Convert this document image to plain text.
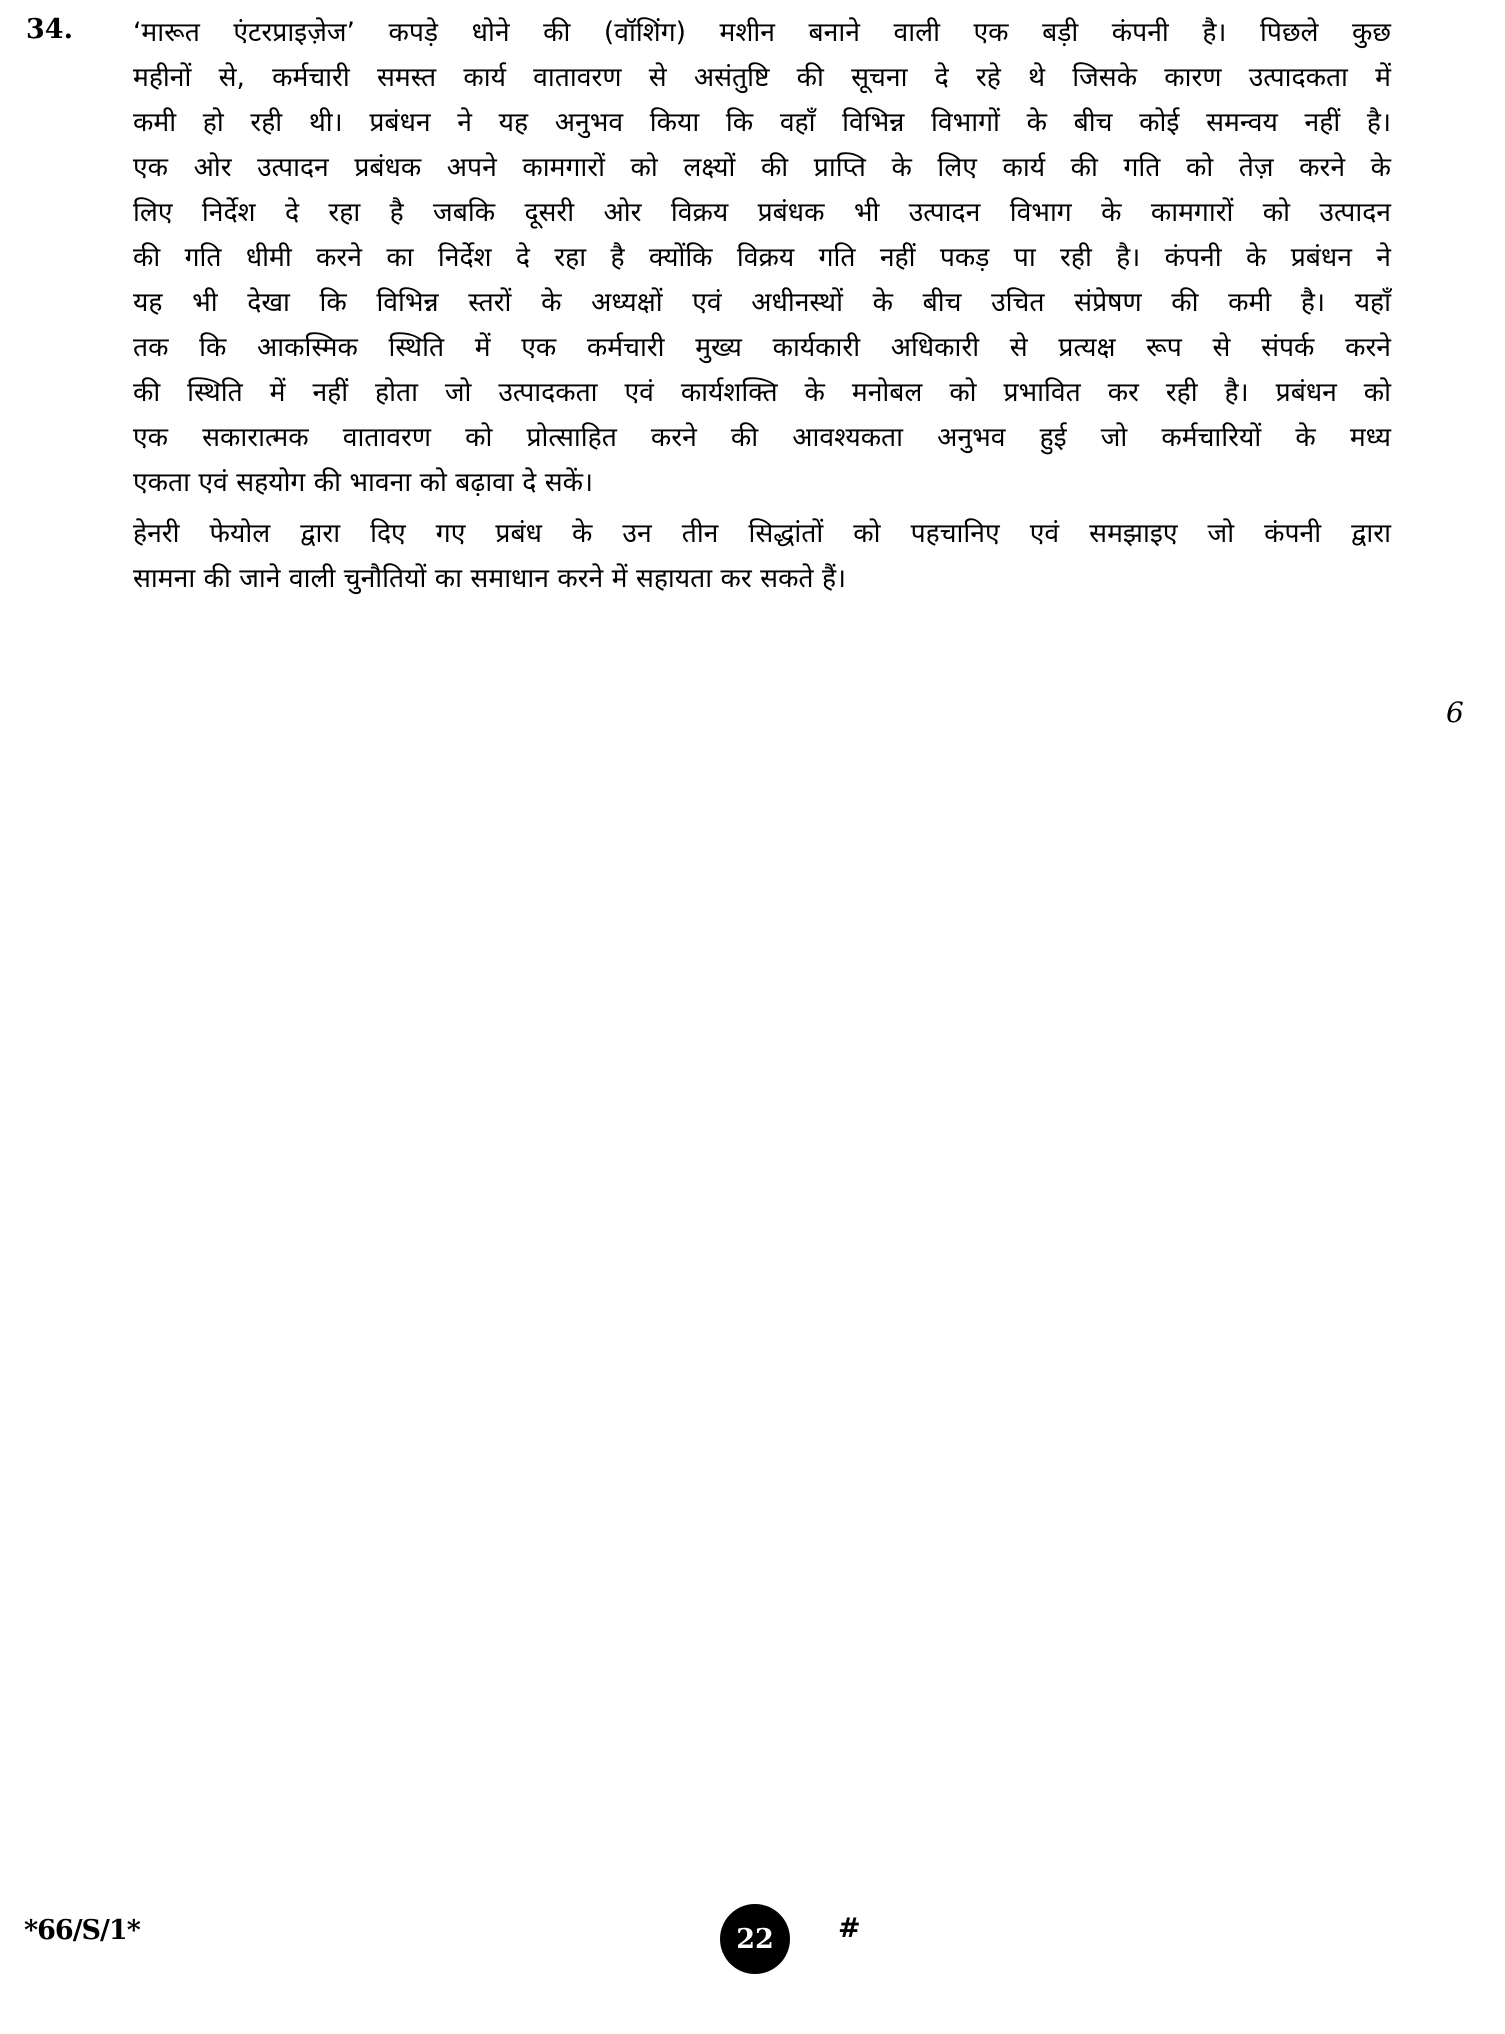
34. ‘मारूत एंटरप्राइज़ेज’ कपड़े धोने की (वॉशिंग) मशीन बनाने वाली एक बड़ी कंपनी है। पिछले कुछ
महीनों से, कर्मचारी समस्त कार्य वातावरण से असंतुष्टि की सूचना दे रहे थे जिसके कारण उत्पादकता में
कमी हो रही थी। प्रबंधन ने यह अनुभव किया कि वहाँ विभिन्न विभागों के बीच कोई समन्वय नहीं है।
एक ओर उत्पादन प्रबंधक अपने कामगारों को लक्ष्यों की प्राप्ति के लिए कार्य की गति को तेज़ करने के
लिए निर्देश दे रहा है जबकि दूसरी ओर विक्रय प्रबंधक भी उत्पादन विभाग के कामगारों को उत्पादन
की गति धीमी करने का निर्देश दे रहा है क्योंकि विक्रय गति नहीं पकड़ पा रही है। कंपनी के प्रबंधन ने
यह भी देखा कि विभिन्न स्तरों के अध्यक्षों एवं अधीनस्थों के बीच उचित संप्रेषण की कमी है। यहाँ
तक कि आकस्मिक स्थिति में एक कर्मचारी मुख्य कार्यकारी अधिकारी से प्रत्यक्ष रूप से संपर्क करने
की स्थिति में नहीं होता जो उत्पादकता एवं कार्यशक्ति के मनोबल को प्रभावित कर रही है। प्रबंधन को
एक सकारात्मक वातावरण को प्रोत्साहित करने की आवश्यकता अनुभव हुई जो कर्मचारियों के मध्य
एकता एवं सहयोग की भावना को बढ़ावा दे सकें।
हेनरी फेयोल द्वारा दिए गए प्रबंध के उन तीन सिद्धांतों को पहचानिए एवं समझाइए जो कंपनी द्वारा
सामना की जाने वाली चुनौतियों का समाधान करने में सहायता कर सकते हैं।
6
*66/S/1*	22 #
